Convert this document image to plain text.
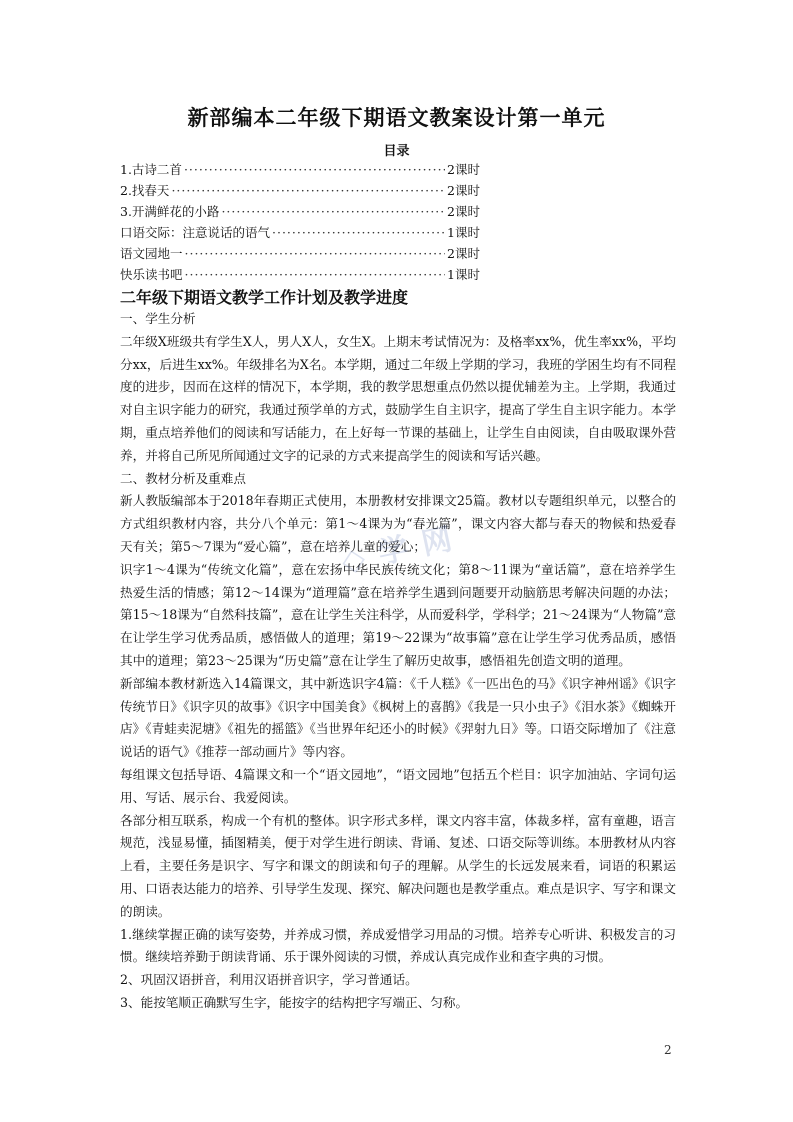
新部编本二年级下期语文教案设计第一单元
目录
1.古诗二首 ·····	2课时
2.找春天 ·····	2课时
3.开满鲜花的小路 ·····	2课时
口语交际：注意说话的语气 ·····	1课时
语文园地一 ·····	2课时
快乐读书吧 ·····	1课时
二年级下期语文教学工作计划及教学进度

一、学生分析

二年级X班级共有学生X人，男人X人，女生X。上期末考试情况为：及格率xx%，优生率xx%，平均分xx，后进生xx%。年级排名为X名。本学期，通过二年级上学期的学习，我班的学困生均有不同程度的进步，因而在这样的情况下，本学期，我的教学思想重点仍然以提优辅差为主。上学期，我通过对自主识字能力的研究，我通过预学单的方式，鼓励学生自主识字，提高了学生自主识字能力。本学期，重点培养他们的阅读和写话能力，在上好每一节课的基础上，让学生自由阅读，自由吸取课外营养，并将自己所见所闻通过文字的记录的方式来提高学生的阅读和写话兴趣。

二、教材分析及重难点

新人教版编部本于2018年春期正式使用，本册教材安排课文25篇。教材以专题组织单元，以整合的方式组织教材内容，共分八个单元：第1～4课为为“春光篇”，课文内容大都与春天的物候和热爱春天有关；第5～7课为“爱心篇”，意在培养儿童的爱心；

识字1～4课为“传统文化篇”，意在宏扬中华民族传统文化；第8～11课为“童话篇”，意在培养学生热爱生活的情感；第12～14课为“道理篇”意在培养学生遇到问题要开动脑筋思考解决问题的办法；第15～18课为“自然科技篇”，意在让学生关注科学，从而爱科学，学科学；21～24课为“人物篇”意在让学生学习优秀品质，感悟做人的道理；第19～22课为“故事篇”意在让学生学习优秀品质，感悟其中的道理；第23～25课为“历史篇”意在让学生了解历史故事，感悟祖先创造文明的道理。

新部编本教材新选入14篇课文，其中新选识字4篇：《千人糕》《一匹出色的马》《识字神州谣》《识字传统节日》《识字贝的故事》《识字中国美食》《枫树上的喜鹊》《我是一只小虫子》《泪水茶》《蜘蛛开店》《青蛙卖泥塘》《祖先的摇篮》《当世界年纪还小的时候》《羿射九日》等。口语交际增加了《注意说话的语气》《推荐一部动画片》等内容。

每组课文包括导语、4篇课文和一个“语文园地”，“语文园地”包括五个栏目：识字加油站、字词句运用、写话、展示台、我爱阅读。

各部分相互联系，构成一个有机的整体。识字形式多样，课文内容丰富，体裁多样，富有童趣，语言规范，浅显易懂，插图精美，便于对学生进行朗读、背诵、复述、口语交际等训练。本册教材从内容上看，主要任务是识字、写字和课文的朗读和句子的理解。从学生的长远发展来看，词语的积累运用、口语表达能力的培养、引导学生发现、探究、解决问题也是教学重点。难点是识字、写字和课文的朗读。

1.继续掌握正确的读写姿势，并养成习惯，养成爱惜学习用品的习惯。培养专心听讲、积极发言的习惯。继续培养勤于朗读背诵、乐于课外阅读的习惯，养成认真完成作业和查字典的习惯。

2、巩固汉语拼音，利用汉语拼音识字，学习普通话。

3、能按笔顺正确默写生字，能按字的结构把字写端正、匀称。

◇ 学 网
2
